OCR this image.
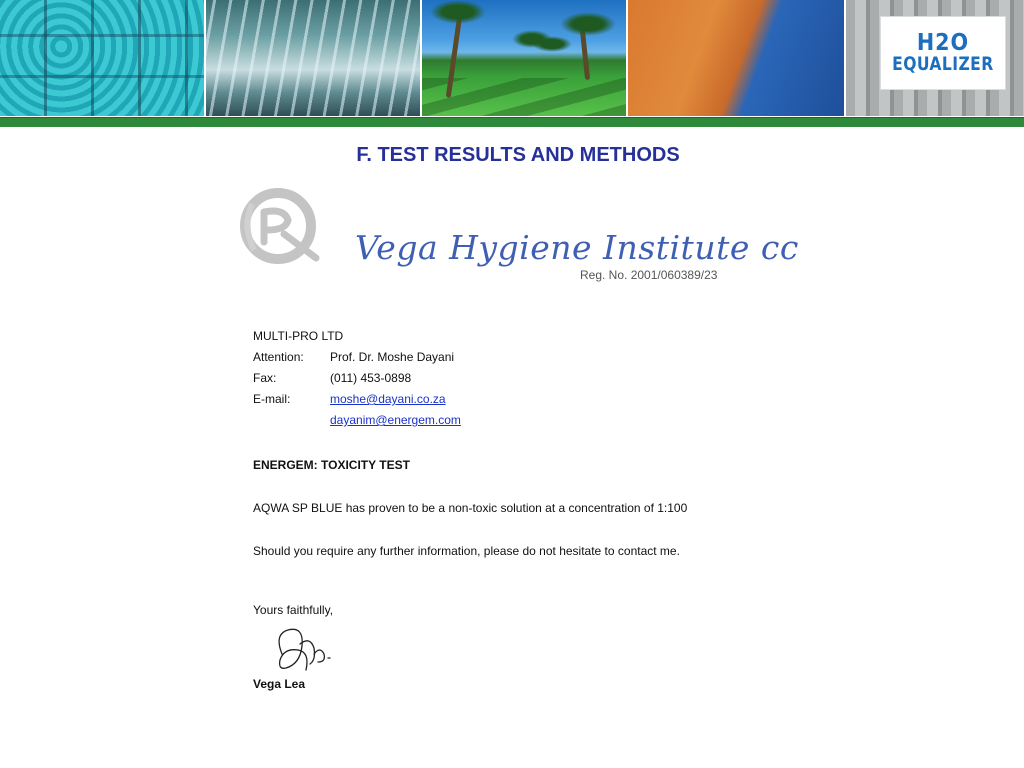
H2O
EQUALIZER
F. TEST RESULTS AND METHODS
Vega Hygiene Institute cc
Reg. No. 2001/060389/23
MULTI-PRO LTD
Attention: Prof. Dr. Moshe Dayani
Fax:	(011) 453-0898
E-mail:	moshe@dayani.co.za
dayanim@energem.com
ENERGEM: TOXICITY TEST
AQWA SP BLUE has proven to be a non-toxic solution at a concentration of 1:100
Should you require any further information, please do not hesitate to contact me.
Yours faithfully,
Vega Lea
